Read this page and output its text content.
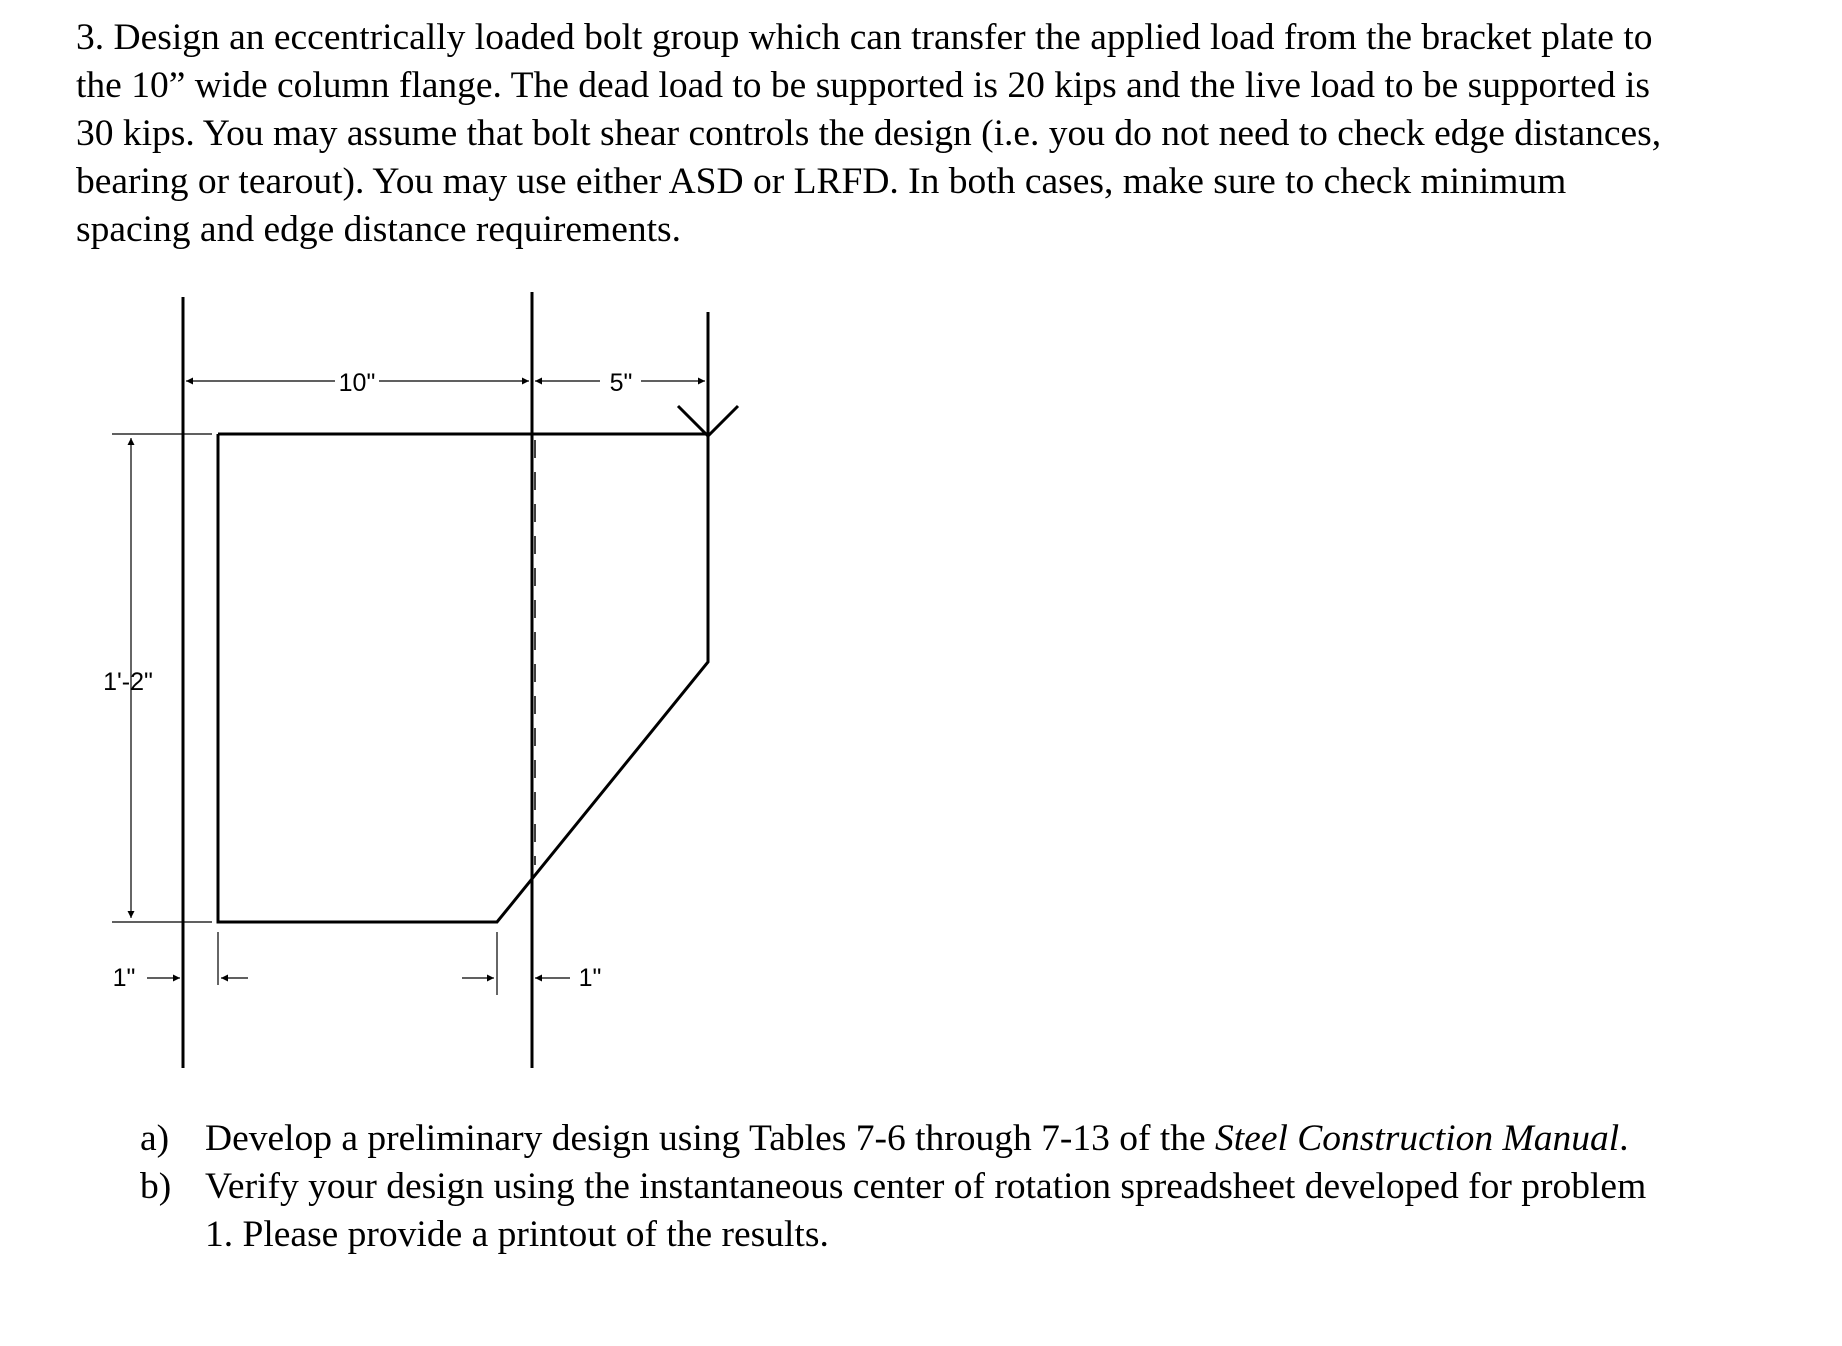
3. Design an eccentrically loaded bolt group which can transfer the applied load from the bracket plate to
the 10” wide column flange. The dead load to be supported is 20 kips and the live load to be supported is
30 kips. You may assume that bolt shear controls the design (i.e. you do not need to check edge distances,
bearing or tearout). You may use either ASD or LRFD. In both cases, make sure to check minimum
spacing and edge distance requirements.
1'-2"
10"	5"
1"	1"
a) Develop a preliminary design using Tables 7-6 through 7-13 of the Steel Construction Manual.
b) Verify your design using the instantaneous center of rotation spreadsheet developed for problem
1. Please provide a printout of the results.
